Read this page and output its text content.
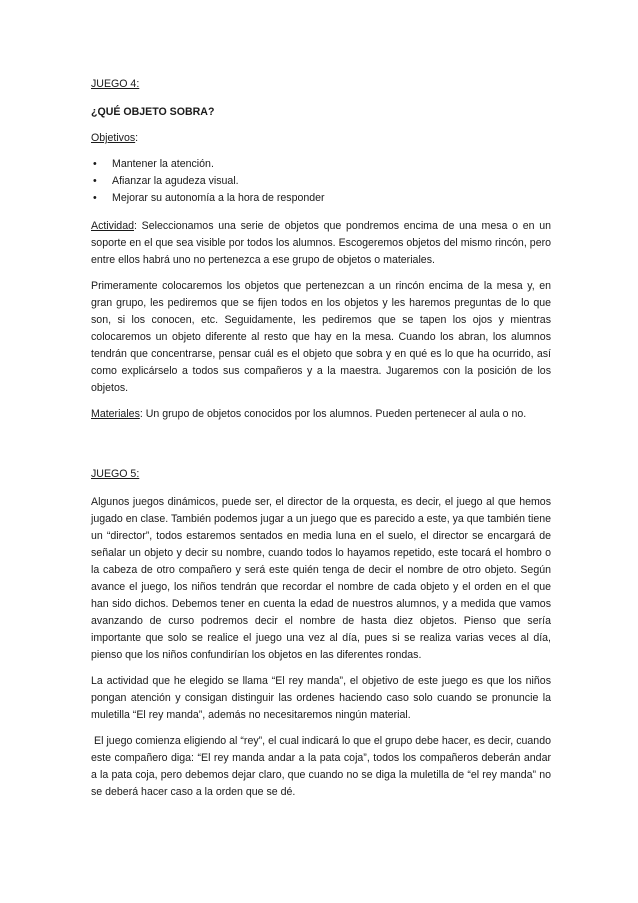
JUEGO 4:

¿QUÉ OBJETO SOBRA?

Objetivos:

• Mantener la atención.
• Afianzar la agudeza visual.
• Mejorar su autonomía a la hora de responder

Actividad: Seleccionamos una serie de objetos que pondremos encima de una mesa o en un soporte en el que sea visible por todos los alumnos. Escogeremos objetos del mismo rincón, pero entre ellos habrá uno no pertenezca a ese grupo de objetos o materiales.

Primeramente colocaremos los objetos que pertenezcan a un rincón encima de la mesa y, en gran grupo, les pediremos que se fijen todos en los objetos y les haremos preguntas de lo que son, si los conocen, etc. Seguidamente, les pediremos que se tapen los ojos y mientras colocaremos un objeto diferente al resto que hay en la mesa. Cuando los abran, los alumnos tendrán que concentrarse, pensar cuál es el objeto que sobra y en qué es lo que ha ocurrido, así como explicárselo a todos sus compañeros y a la maestra. Jugaremos con la posición de los objetos.

Materiales: Un grupo de objetos conocidos por los alumnos. Pueden pertenecer al aula o no.

JUEGO 5:

Algunos juegos dinámicos, puede ser, el director de la orquesta, es decir, el juego al que hemos jugado en clase. También podemos jugar a un juego que es parecido a este, ya que también tiene un “director”, todos estaremos sentados en media luna en el suelo, el director se encargará de señalar un objeto y decir su nombre, cuando todos lo hayamos repetido, este tocará el hombro o la cabeza de otro compañero y será este quién tenga de decir el nombre de otro objeto. Según avance el juego, los niños tendrán que recordar el nombre de cada objeto y el orden en el que han sido dichos. Debemos tener en cuenta la edad de nuestros alumnos, y a medida que vamos avanzando de curso podremos decir el nombre de hasta diez objetos. Pienso que sería importante que solo se realice el juego una vez al día, pues si se realiza varias veces al día, pienso que los niños confundirían los objetos en las diferentes rondas.

La actividad que he elegido se llama “El rey manda”, el objetivo de este juego es que los niños pongan atención y consigan distinguir las ordenes haciendo caso solo cuando se pronuncie la muletilla “El rey manda”, además no necesitaremos ningún material.

El juego comienza eligiendo al “rey”, el cual indicará lo que el grupo debe hacer, es decir, cuando este compañero diga: “El rey manda andar a la pata coja”, todos los compañeros deberán andar a la pata coja, pero debemos dejar claro, que cuando no se diga la muletilla de “el rey manda” no se deberá hacer caso a la orden que se dé.
